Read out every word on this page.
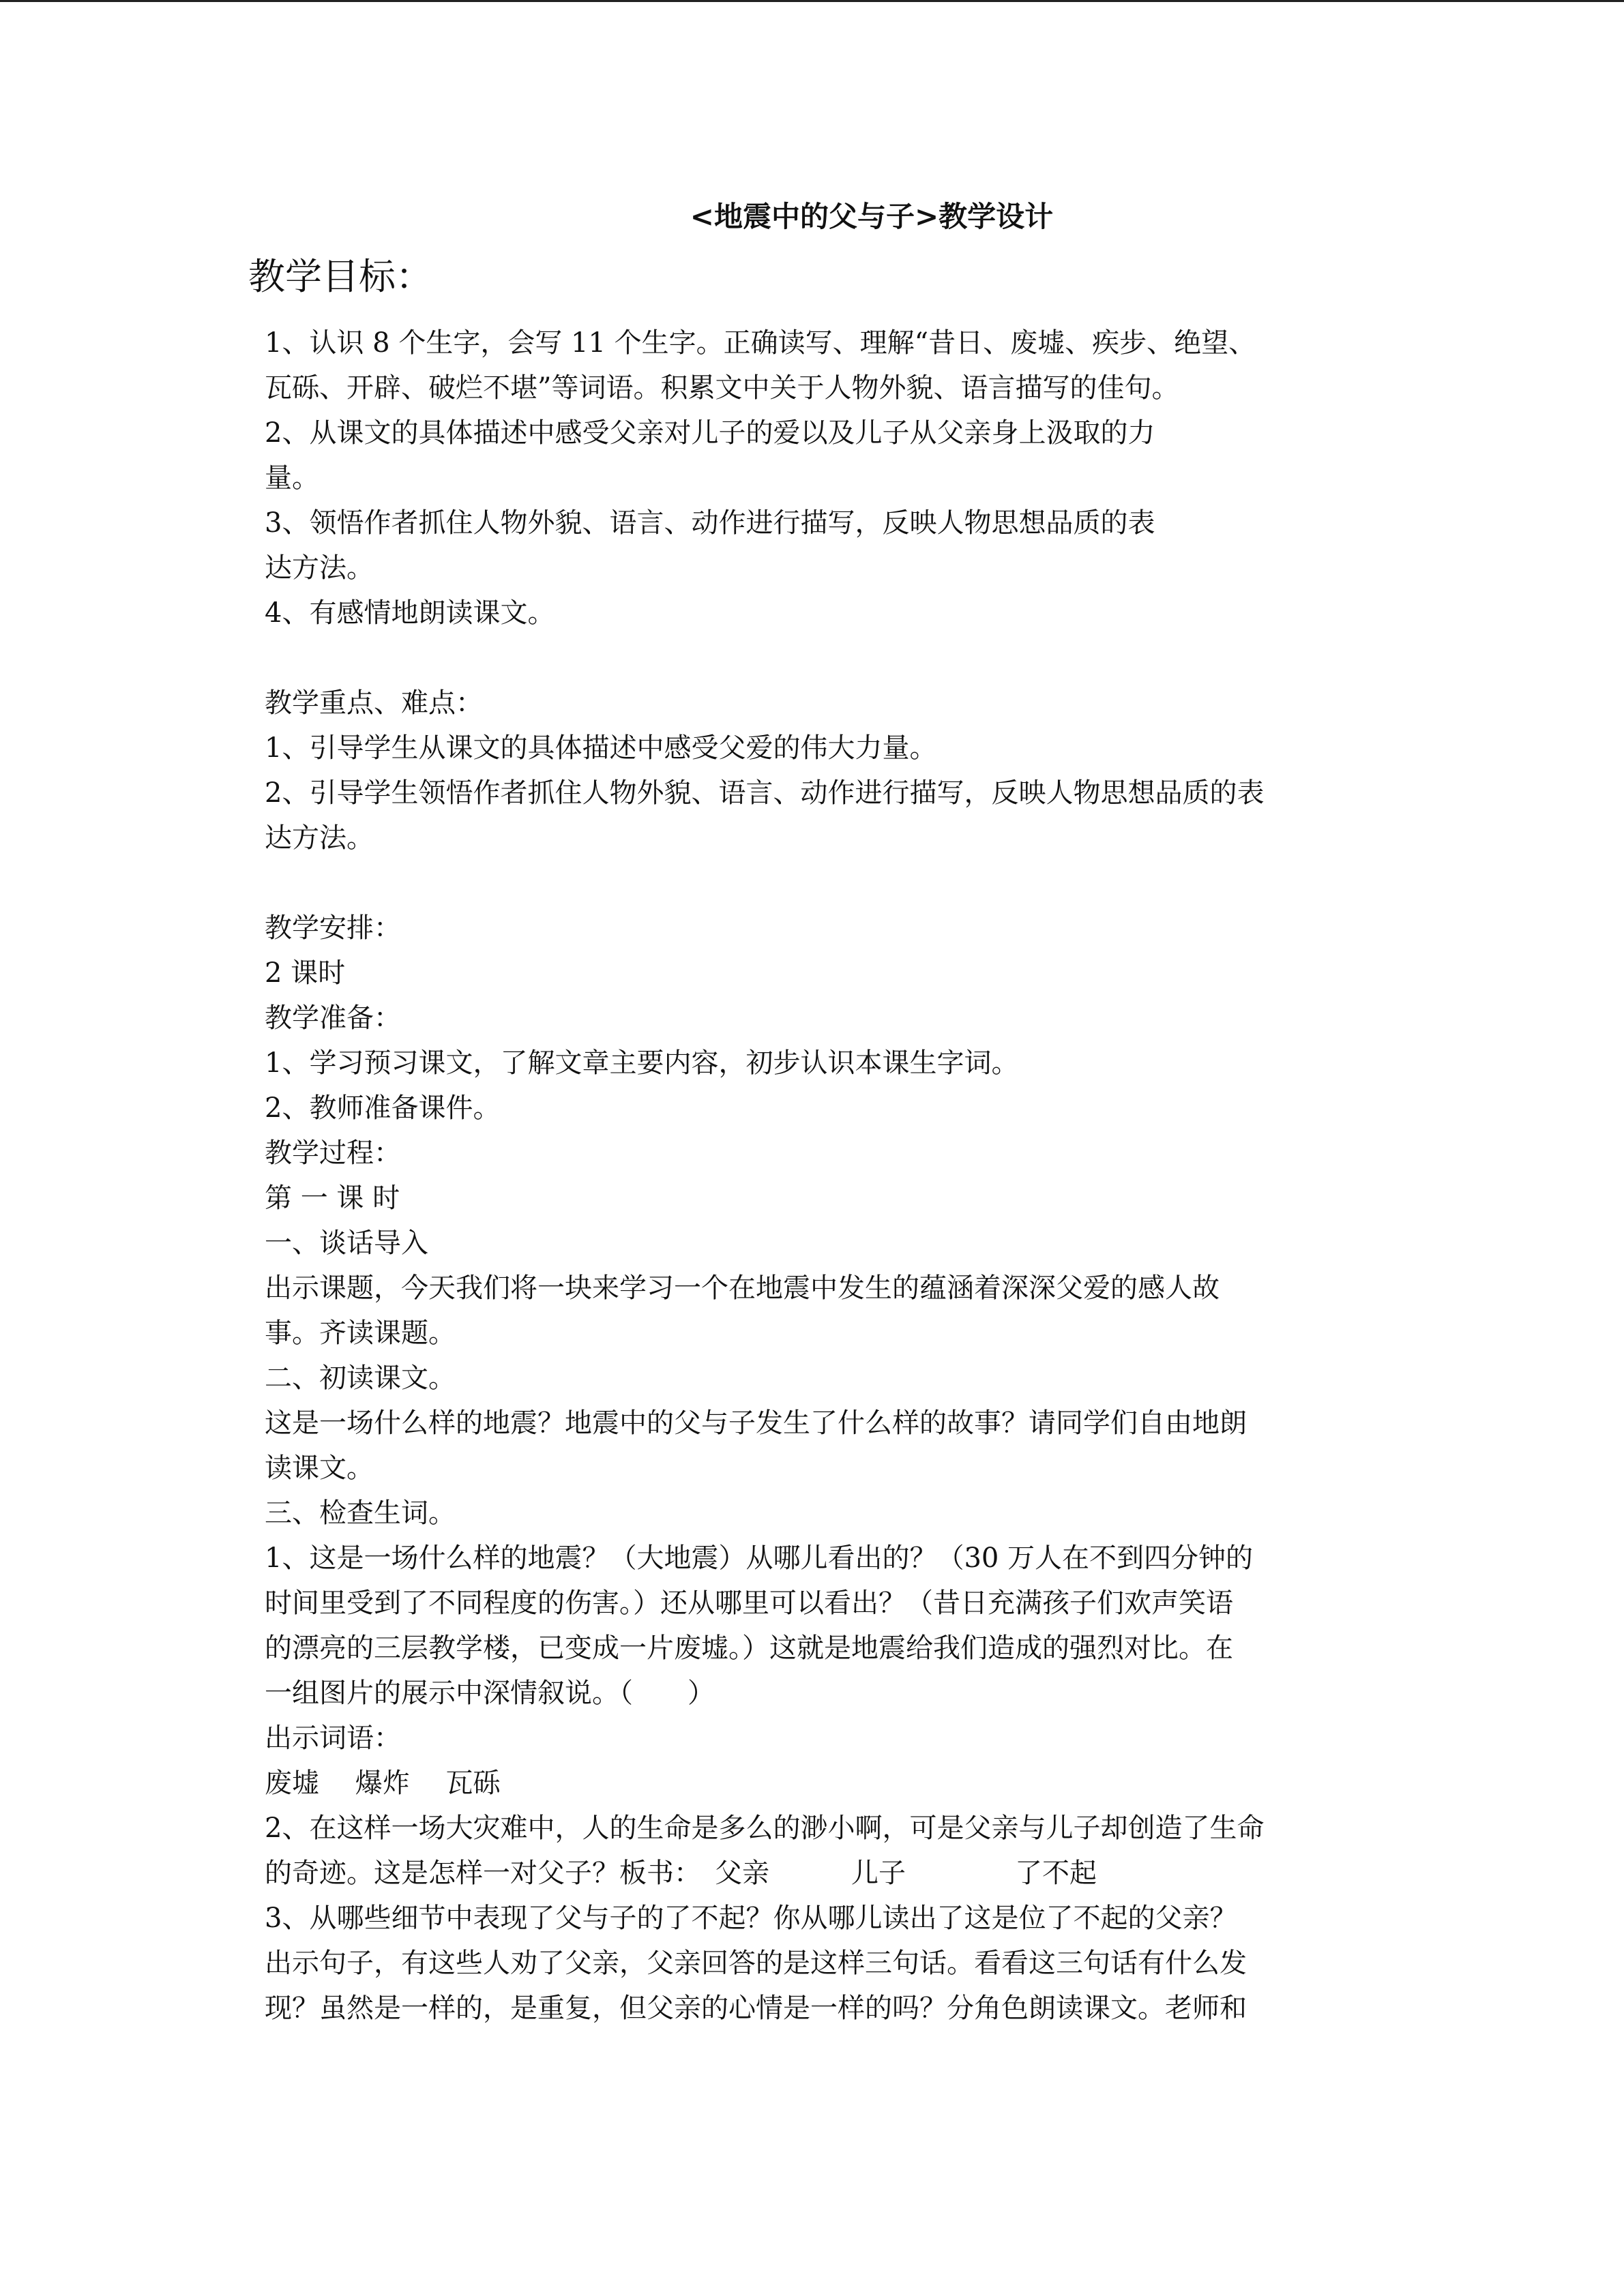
<地震中的父与子>教学设计
教学目标：

1、认识 8 个生字，会写 11 个生字。正确读写、理解“昔日、废墟、疾步、绝望、

瓦砾、开辟、破烂不堪”等词语。积累文中关于人物外貌、语言描写的佳句。

2、从课文的具体描述中感受父亲对儿子的爱以及儿子从父亲身上汲取的力

量。

3、领悟作者抓住人物外貌、语言、动作进行描写，反映人物思想品质的表

达方法。

4、有感情地朗读课文。

教学重点、难点：

1、引导学生从课文的具体描述中感受父爱的伟大力量。

2、引导学生领悟作者抓住人物外貌、语言、动作进行描写，反映人物思想品质的表

达方法。

教学安排：

2 课时

教学准备：

1、学习预习课文，了解文章主要内容，初步认识本课生字词。

2、教师准备课件。

教学过程：

第 一 课 时

一、谈话导入

出示课题，今天我们将一块来学习一个在地震中发生的蕴涵着深深父爱的感人故

事。齐读课题。

二、初读课文。

这是一场什么样的地震？地震中的父与子发生了什么样的故事？请同学们自由地朗

读课文。

三、检查生词。

1、这是一场什么样的地震？（大地震）从哪儿看出的？（30 万人在不到四分钟的

时间里受到了不同程度的伤害。）还从哪里可以看出？（昔日充满孩子们欢声笑语

的漂亮的三层教学楼，已变成一片废墟。）这就是地震给我们造成的强烈对比。在

一组图片的展示中深情叙说。（　　）

出示词语：

废墟　 爆炸　 瓦砾

2、在这样一场大灾难中，人的生命是多么的渺小啊，可是父亲与儿子却创造了生命

的奇迹。这是怎样一对父子？板书：　父亲　　　儿子　　　　了不起

3、从哪些细节中表现了父与子的了不起？你从哪儿读出了这是位了不起的父亲？

出示句子，有这些人劝了父亲，父亲回答的是这样三句话。看看这三句话有什么发

现？虽然是一样的，是重复，但父亲的心情是一样的吗？分角色朗读课文。老师和
